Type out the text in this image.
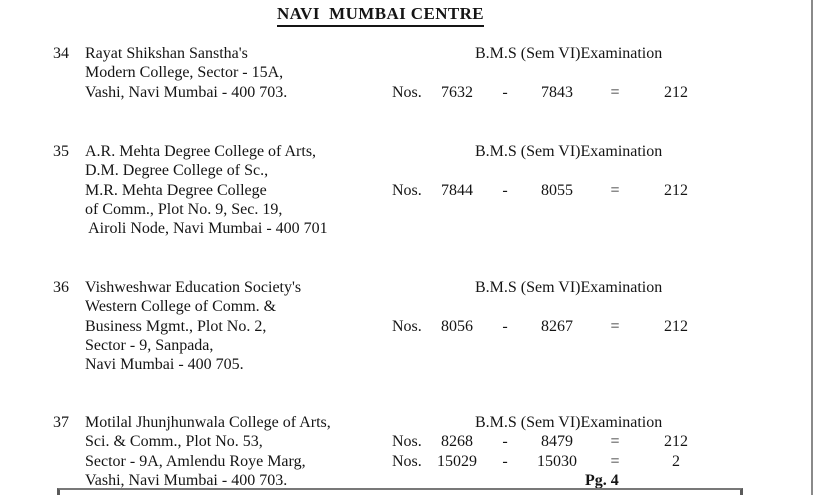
NAVI  MUMBAI CENTRE
34	Rayat Shikshan Sanstha's	B.M.S (Sem VI)Examination
Modern College, Sector - 15A,
Vashi, Navi Mumbai - 400 703.	Nos.	7632	-	7843	=	212
35	A.R. Mehta Degree College of Arts,	B.M.S (Sem VI)Examination
D.M. Degree College of Sc.,
M.R. Mehta Degree College	Nos.	7844	-	8055	=	212
of Comm., Plot No. 9, Sec. 19,
Airoli Node, Navi Mumbai - 400 701
36	Vishweshwar Education Society's	B.M.S (Sem VI)Examination
Western College of Comm. &
Business Mgmt., Plot No. 2,	Nos.	8056	-	8267	=	212
Sector - 9, Sanpada,
Navi Mumbai - 400 705.
37	Motilal Jhunjhunwala College of Arts,	B.M.S (Sem VI)Examination
Sci. & Comm., Plot No. 53,	Nos.	8268	-	8479	=	212
Sector - 9A, Amlendu Roye Marg,	Nos. 15029	-	15030	=	2
Vashi, Navi Mumbai - 400 703.	Pg. 4
